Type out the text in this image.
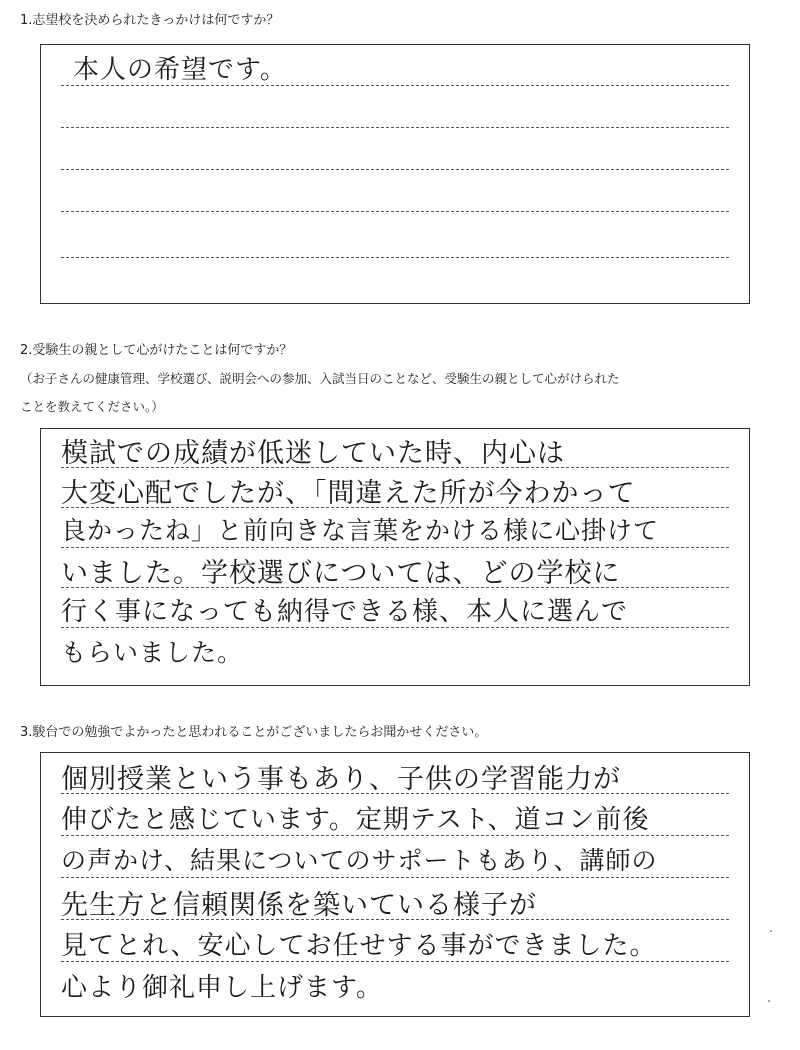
1.志望校を決められたきっかけは何ですか？
本人の希望です。
2.受験生の親として心がけたことは何ですか？
（お子さんの健康管理、学校選び、説明会への参加、入試当日のことなど、受験生の親として心がけられた
ことを教えてください。）
模試での成績が低迷していた時、内心は
大変心配でしたが、「間違えた所が今わかって
良かったね」と前向きな言葉をかける様に心掛けて
いました。学校選びについては、どの学校に
行く事になっても納得できる様、本人に選んで
もらいました。
3.駿台での勉強でよかったと思われることがございましたらお聞かせください。
個別授業という事もあり、子供の学習能力が
伸びたと感じています。定期テスト、道コン前後
の声かけ、結果についてのサポートもあり、講師の
先生方と信頼関係を築いている様子が
見てとれ、安心してお任せする事ができました。
心より御礼申し上げます。
